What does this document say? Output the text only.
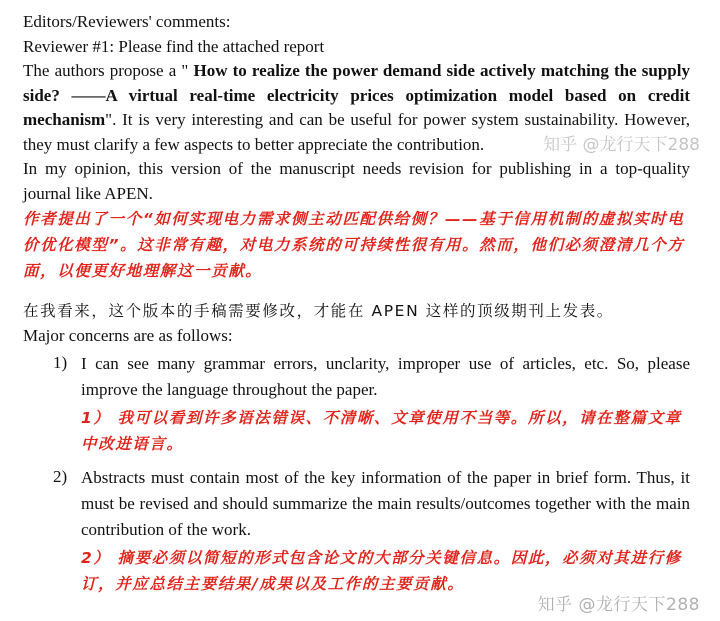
Editors/Reviewers' comments:
Reviewer #1: Please find the attached report
The authors propose a " How to realize the power demand side actively matching the supply side? ——A virtual real-time electricity prices optimization model based on credit mechanism". It is very interesting and can be useful for power system sustainability. However, they must clarify a few aspects to better appreciate the contribution.
In my opinion, this version of the manuscript needs revision for publishing in a top-quality journal like APEN.
作者提出了一个“如何实现电力需求侧主动匹配供给侧？——基于信用机制的虚拟实时电价优化模型”。这非常有趣，对电力系统的可持续性很有用。然而，他们必须澄清几个方面，以便更好地理解这一贡献。
在我看来，这个版本的手稿需要修改，才能在 APEN 这样的顶级期刊上发表。
Major concerns are as follows:
1) I can see many grammar errors, unclarity, improper use of articles, etc. So, please improve the language throughout the paper.
1） 我可以看到许多语法错误、不清晰、文章使用不当等。所以，请在整篇文章中改进语言。
2) Abstracts must contain most of the key information of the paper in brief form. Thus, it must be revised and should summarize the main results/outcomes together with the main contribution of the work.
2） 摘要必须以简短的形式包含论文的大部分关键信息。因此，必须对其进行修订，并应总结主要结果/成果以及工作的主要贡献。
知乎 @龙行天下288
知乎 @龙行天下288
